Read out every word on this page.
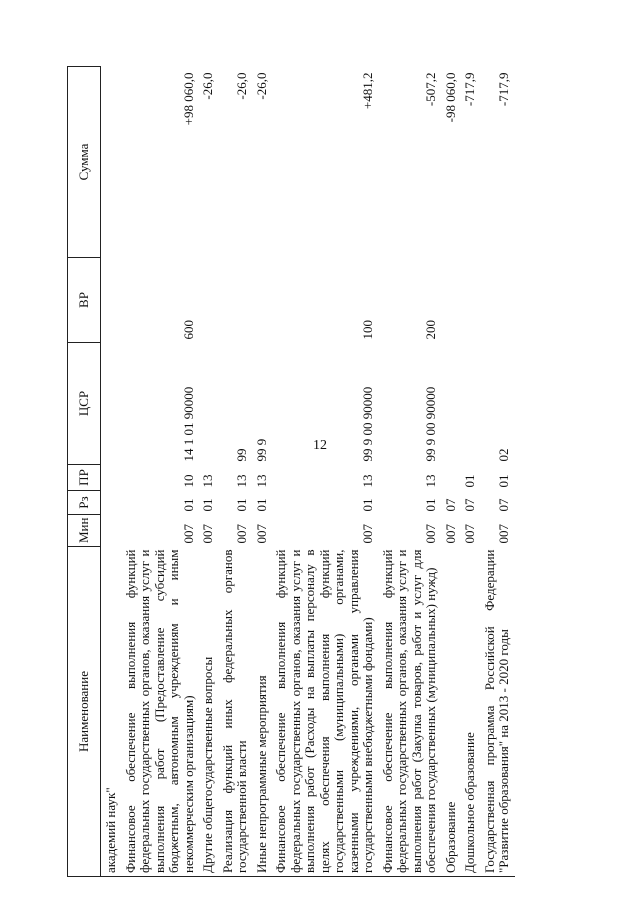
12
Наименование	Мин	Рз	ПР	ЦСР	ВР	Сумма
академий наук"						
Финансовое обеспечение выполнения функций федеральных государственных органов, оказания услуг и выполнения работ (Предоставление субсидий бюджетным, автономным учреждениям и иным некоммерческим организациям)	007	01	10	14 1 01 90000	600	+98 060,0
Другие общегосударственные вопросы	007	01	13			-26,0
Реализация функций иных федеральных органов государственной власти	007	01	13	99		-26,0
Иные непрограммные мероприятия	007	01	13	99 9		-26,0
Финансовое обеспечение выполнения функций федеральных государственных органов, оказания услуг и выполнения работ (Расходы на выплаты персоналу в целях обеспечения выполнения функций государственными (муниципальными) органами, казенными учреждениями, органами управления государственными внебюджетными фондами)	007	01	13	99 9 00 90000	100	+481,2
Финансовое обеспечение выполнения функций федеральных государственных органов, оказания услуг и выполнения работ (Закупка товаров, работ и услуг для обеспечения государственных (муниципальных) нужд)	007	01	13	99 9 00 90000	200	-507,2
Образование	007	07				-98 060,0
Дошкольное образование	007	07	01			-717,9
Государственная программа Российской Федерации "Развитие образования" на 2013 - 2020 годы	007	07	01	02		-717,9
